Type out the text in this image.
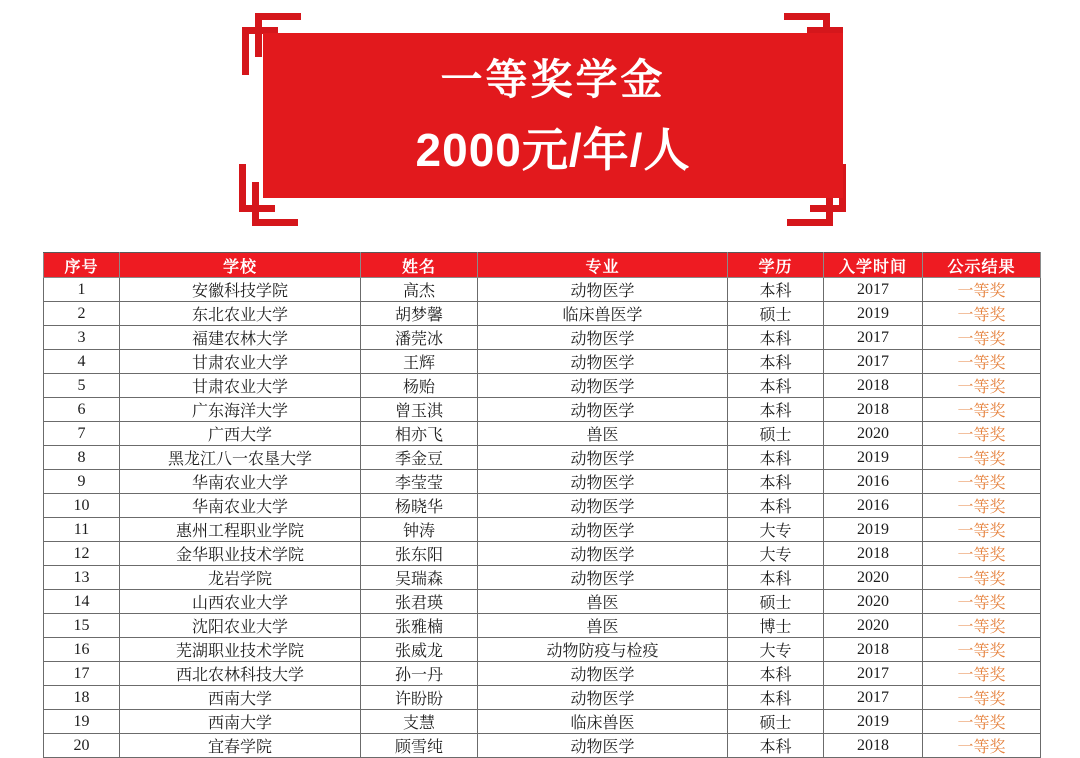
一等奖学金
2000元/年/人
序号	学校	姓名	专业	学历	入学时间	公示结果
1	安徽科技学院	高杰	动物医学	本科	2017	一等奖
2	东北农业大学	胡梦馨	临床兽医学	硕士	2019	一等奖
3	福建农林大学	潘莞冰	动物医学	本科	2017	一等奖
4	甘肃农业大学	王辉	动物医学	本科	2017	一等奖
5	甘肃农业大学	杨贻	动物医学	本科	2018	一等奖
6	广东海洋大学	曾玉淇	动物医学	本科	2018	一等奖
7	广西大学	相亦飞	兽医	硕士	2020	一等奖
8	黑龙江八一农垦大学	季金豆	动物医学	本科	2019	一等奖
9	华南农业大学	李莹莹	动物医学	本科	2016	一等奖
10	华南农业大学	杨晓华	动物医学	本科	2016	一等奖
11	惠州工程职业学院	钟涛	动物医学	大专	2019	一等奖
12	金华职业技术学院	张东阳	动物医学	大专	2018	一等奖
13	龙岩学院	吴瑞森	动物医学	本科	2020	一等奖
14	山西农业大学	张君瑛	兽医	硕士	2020	一等奖
15	沈阳农业大学	张雅楠	兽医	博士	2020	一等奖
16	芜湖职业技术学院	张威龙	动物防疫与检疫	大专	2018	一等奖
17	西北农林科技大学	孙一丹	动物医学	本科	2017	一等奖
18	西南大学	许盼盼	动物医学	本科	2017	一等奖
19	西南大学	支慧	临床兽医	硕士	2019	一等奖
20	宜春学院	顾雪纯	动物医学	本科	2018	一等奖
